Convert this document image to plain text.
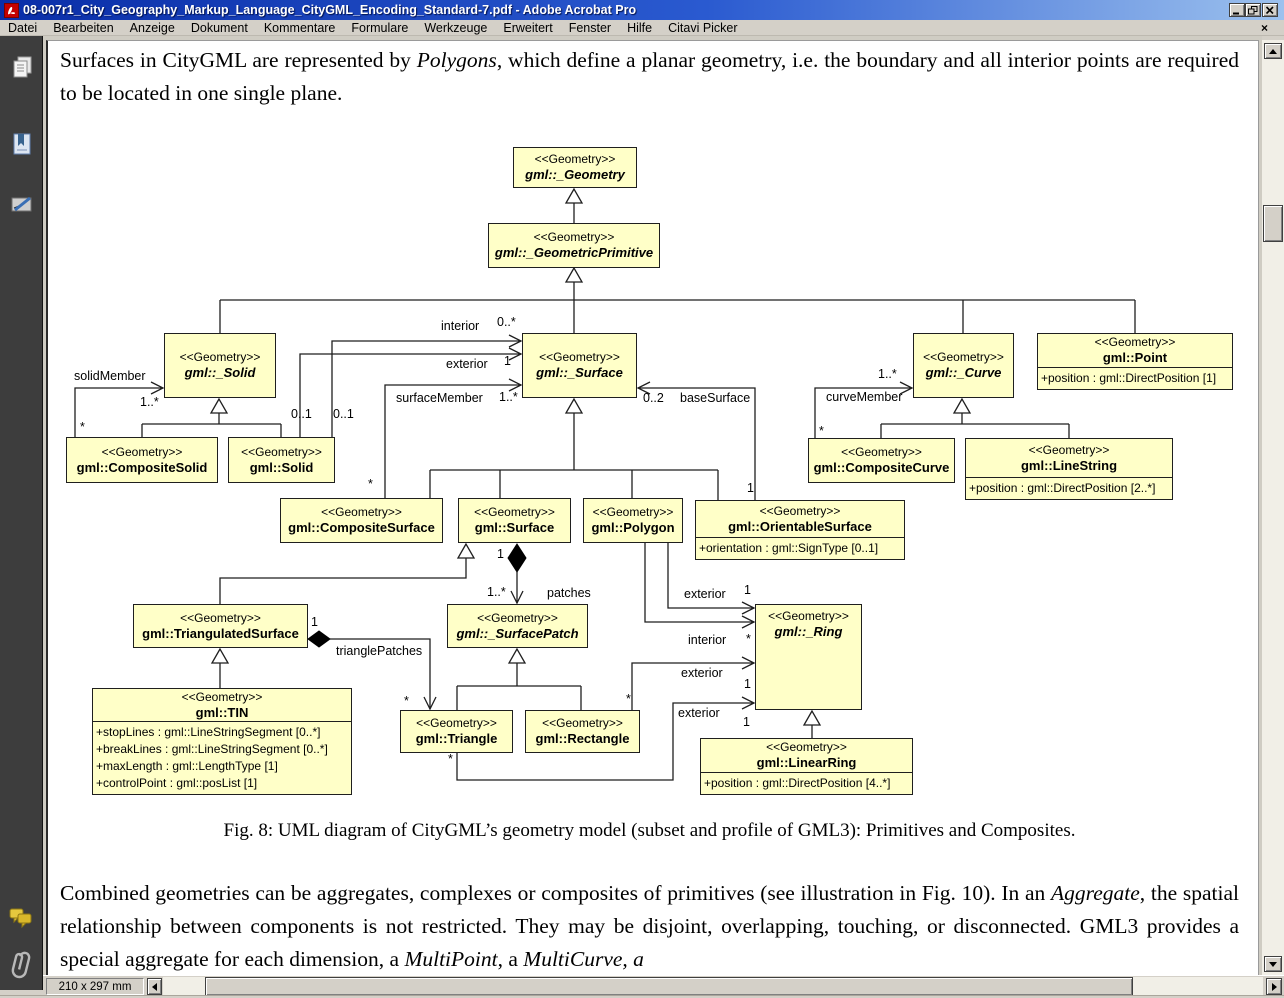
08-007r1_City_Geography_Markup_Language_CityGML_Encoding_Standard-7.pdf - Adobe Acrobat Pro
Datei	Bearbeiten	Anzeige	Dokument	Kommentare	Formulare	Werkzeuge	Erweitert	Fenster	Hilfe	Citavi Picker	×

Surfaces in CityGML are represented by Polygons, which define a planar geometry, i.e. the boundary and all interior points are required to be located in one single plane.

Fig. 8: UML diagram of CityGML’s geometry model (subset and profile of GML3): Primitives and Composites.

Combined geometries can be aggregates, complexes or composites of primitives (see illustration in Fig. 10). In an Aggregate, the spatial relationship between components is not restricted. They may be disjoint, overlapping, touching, or disconnected. GML3 provides a special aggregate for each dimension, a MultiPoint, a MultiCurve, a

<<Geometry>>
gml::_Geometry
<<Geometry>>
gml::_GeometricPrimitive
<<Geometry>>
gml::_Solid
<<Geometry>>
gml::_Surface
<<Geometry>>
gml::_Curve
<<Geometry>>
gml::Point
+position : gml::DirectPosition [1]
<<Geometry>>
gml::CompositeSolid
<<Geometry>>
gml::Solid
<<Geometry>>
gml::CompositeCurve
<<Geometry>>
gml::LineString
+position : gml::DirectPosition [2..*]
<<Geometry>>
gml::CompositeSurface
<<Geometry>>
gml::Surface
<<Geometry>>
gml::Polygon
<<Geometry>>
gml::OrientableSurface
+orientation : gml::SignType [0..1]
<<Geometry>>
gml::TriangulatedSurface
<<Geometry>>
gml::_SurfacePatch
<<Geometry>>
gml::_Ring
<<Geometry>>
gml::TIN
+stopLines : gml::LineStringSegment [0..*]
+breakLines : gml::LineStringSegment [0..*]
+maxLength : gml::LengthType [1]
+controlPoint : gml::posList [1]
<<Geometry>>
gml::Triangle
<<Geometry>>
gml::Rectangle
<<Geometry>>
gml::LinearRing
+position : gml::DirectPosition [4..*]
solidMember
1..*
*
0..1 0..1
interior 0..*
exterior 1
surfaceMember 1..*
*
0..2 baseSurface
1
1..*
curveMember
*
1
1..*	patches
1
trianglePatches
*
exterior 1
interior *
exterior
1
exterior
1
*
*
210 x 297 mm
